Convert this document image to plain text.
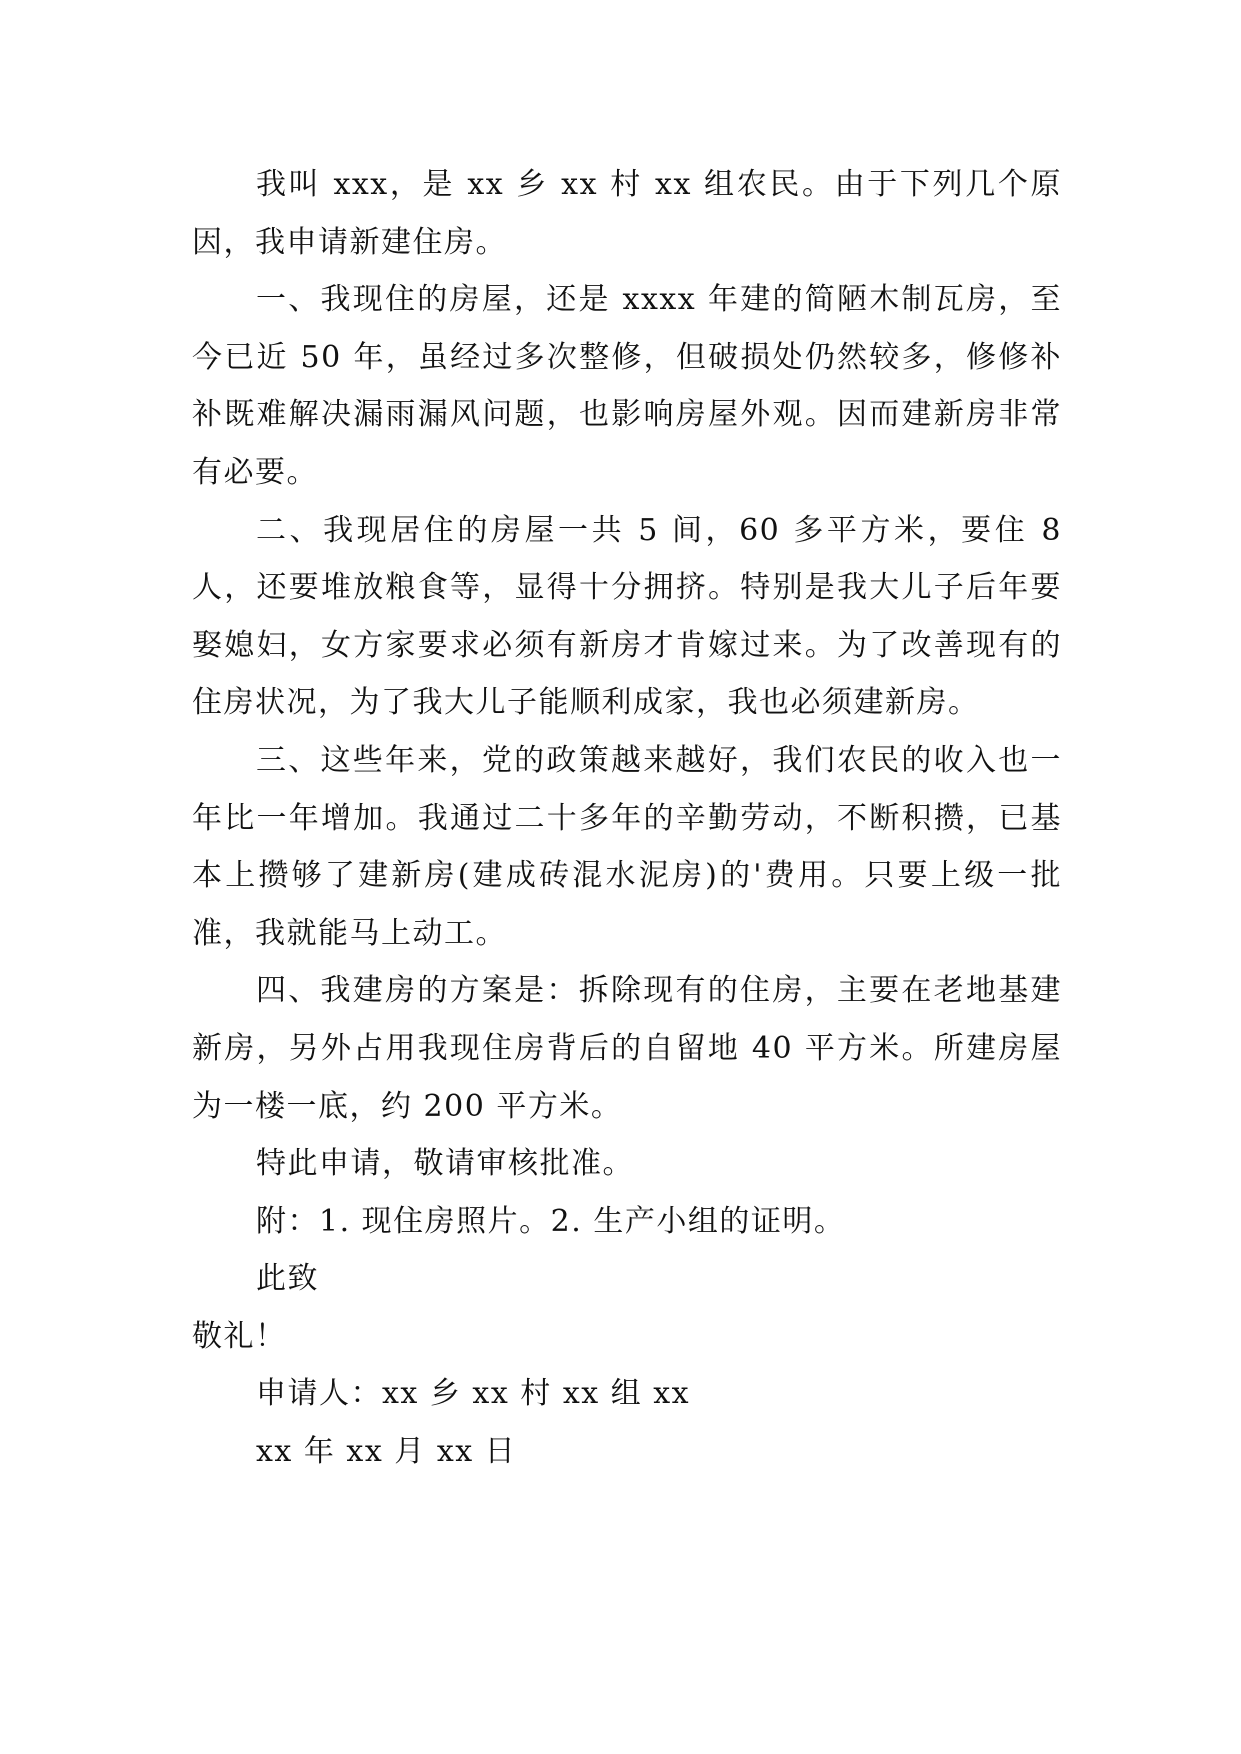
我叫 xxx，是 xx 乡 xx 村 xx 组农民。由于下列几个原因，我申请新建住房。

一、我现住的房屋，还是 xxxx 年建的简陋木制瓦房，至今已近 50 年，虽经过多次整修，但破损处仍然较多，修修补补既难解决漏雨漏风问题，也影响房屋外观。因而建新房非常有必要。

二、我现居住的房屋一共 5 间，60 多平方米，要住 8 人，还要堆放粮食等，显得十分拥挤。特别是我大儿子后年要娶媳妇，女方家要求必须有新房才肯嫁过来。为了改善现有的住房状况，为了我大儿子能顺利成家，我也必须建新房。

三、这些年来，党的政策越来越好，我们农民的收入也一年比一年增加。我通过二十多年的辛勤劳动，不断积攒，已基本上攒够了建新房(建成砖混水泥房)的'费用。只要上级一批准，我就能马上动工。

四、我建房的方案是：拆除现有的住房，主要在老地基建新房，另外占用我现住房背后的自留地 40 平方米。所建房屋为一楼一底，约 200 平方米。

特此申请，敬请审核批准。

附：1. 现住房照片。2. 生产小组的证明。

此致

敬礼！

申请人：xx 乡 xx 村 xx 组 xx

xx 年 xx 月 xx 日
